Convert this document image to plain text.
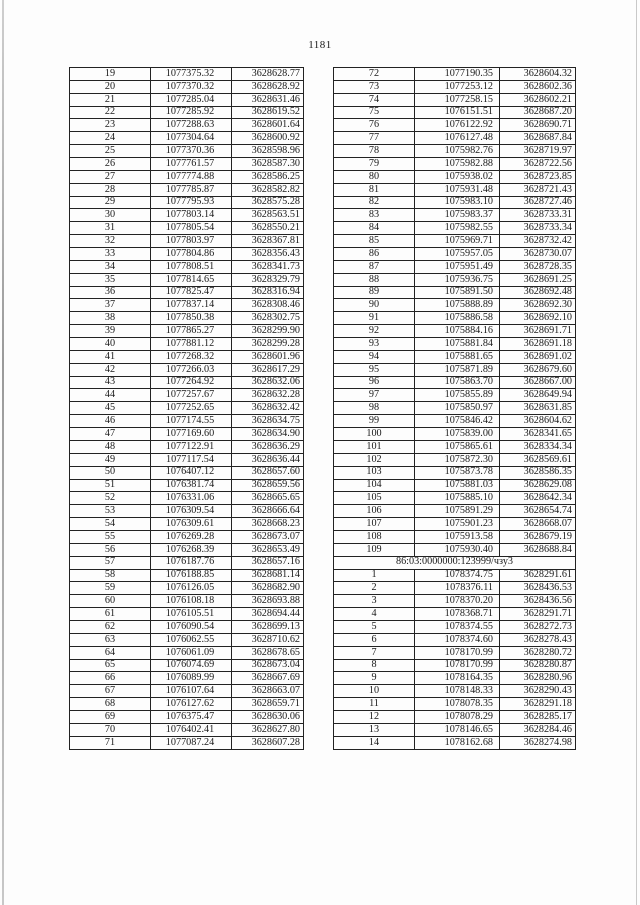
1181
19	1077375.32	3628628.77
20	1077370.32	3628628.92
21	1077285.04	3628631.46
22	1077285.92	3628619.52
23	1077288.63	3628601.64
24	1077304.64	3628600.92
25	1077370.36	3628598.96
26	1077761.57	3628587.30
27	1077774.88	3628586.25
28	1077785.87	3628582.82
29	1077795.93	3628575.28
30	1077803.14	3628563.51
31	1077805.54	3628550.21
32	1077803.97	3628367.81
33	1077804.86	3628356.43
34	1077808.51	3628341.73
35	1077814.65	3628329.79
36	1077825.47	3628316.94
37	1077837.14	3628308.46
38	1077850.38	3628302.75
39	1077865.27	3628299.90
40	1077881.12	3628299.28
41	1077268.32	3628601.96
42	1077266.03	3628617.29
43	1077264.92	3628632.06
44	1077257.67	3628632.28
45	1077252.65	3628632.42
46	1077174.55	3628634.75
47	1077169.60	3628634.90
48	1077122.91	3628636.29
49	1077117.54	3628636.44
50	1076407.12	3628657.60
51	1076381.74	3628659.56
52	1076331.06	3628665.65
53	1076309.54	3628666.64
54	1076309.61	3628668.23
55	1076269.28	3628673.07
56	1076268.39	3628653.49
57	1076187.76	3628657.16
58	1076188.85	3628681.14
59	1076126.05	3628682.90
60	1076108.18	3628693.88
61	1076105.51	3628694.44
62	1076090.54	3628699.13
63	1076062.55	3628710.62
64	1076061.09	3628678.65
65	1076074.69	3628673.04
66	1076089.99	3628667.69
67	1076107.64	3628663.07
68	1076127.62	3628659.71
69	1076375.47	3628630.06
70	1076402.41	3628627.80
71	1077087.24	3628607.28
72	1077190.35	3628604.32
73	1077253.12	3628602.36
74	1077258.15	3628602.21
75	1076151.51	3628687.20
76	1076122.92	3628690.71
77	1076127.48	3628687.84
78	1075982.76	3628719.97
79	1075982.88	3628722.56
80	1075938.02	3628723.85
81	1075931.48	3628721.43
82	1075983.10	3628727.46
83	1075983.37	3628733.31
84	1075982.55	3628733.34
85	1075969.71	3628732.42
86	1075957.05	3628730.07
87	1075951.49	3628728.35
88	1075936.75	3628691.25
89	1075891.50	3628692.48
90	1075888.89	3628692.30
91	1075886.58	3628692.10
92	1075884.16	3628691.71
93	1075881.84	3628691.18
94	1075881.65	3628691.02
95	1075871.89	3628679.60
96	1075863.70	3628667.00
97	1075855.89	3628649.94
98	1075850.97	3628631.85
99	1075846.42	3628604.62
100	1075839.00	3628341.65
101	1075865.61	3628334.34
102	1075872.30	3628569.61
103	1075873.78	3628586.35
104	1075881.03	3628629.08
105	1075885.10	3628642.34
106	1075891.29	3628654.74
107	1075901.23	3628668.07
108	1075913.58	3628679.19
109	1075930.40	3628688.84
86:03:0000000:123999/чзу3		
1	1078374.75	3628291.61
2	1078376.11	3628436.53
3	1078370.20	3628436.56
4	1078368.71	3628291.71
5	1078374.55	3628272.73
6	1078374.60	3628278.43
7	1078170.99	3628280.72
8	1078170.99	3628280.87
9	1078164.35	3628280.96
10	1078148.33	3628290.43
11	1078078.35	3628291.18
12	1078078.29	3628285.17
13	1078146.65	3628284.46
14	1078162.68	3628274.98
